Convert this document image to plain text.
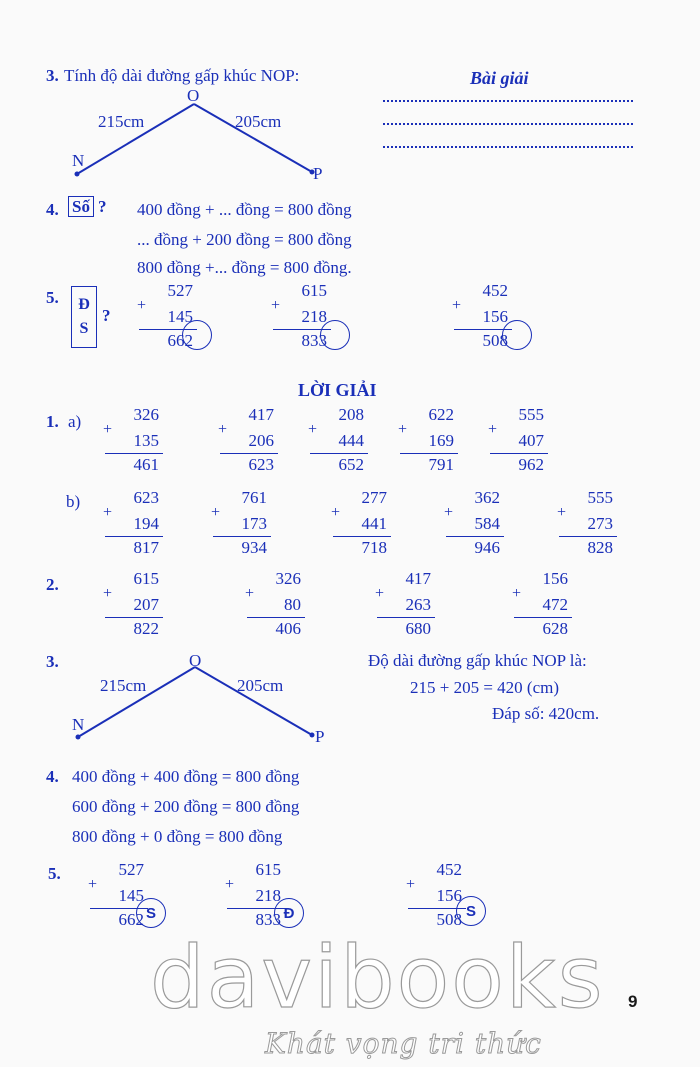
3. Tính độ dài đường gấp khúc NOP:
O
N
P
215cm	205cm
Bài giải
4. Số ? 400 đồng + ... đồng = 800 đồng
... đồng + 200 đồng = 800 đồng
800 đồng +... đồng = 800 đồng.
5. Đ
S
?
527
+
145
662
615
+
218
833
452
+
156
508
LỜI GIẢI
1. a)	326
+
135
461
417
+
206
623
208
+
444
652
622
+
169
791
555
+
407
962
b)	623
+
194
817
761
+
173
934
277
+
441
718
362
+
584
946
555
+
273
828
2.	615
+
207
822
326
+
80
406
417
+
263
680
156
+
472
628
3.	O
N
P
215cm	205cm
Độ dài đường gấp khúc NOP là:
215 + 205 = 420 (cm)
Đáp số: 420cm.
4. 400 đồng + 400 đồng = 800 đồng
600 đồng + 200 đồng = 800 đồng
800 đồng + 0 đồng = 800 đồng
5.	527
+
145
662 S
615
+
218
833 Đ
452
+
156
508 S
davibooks
Khát vọng tri thức
9
